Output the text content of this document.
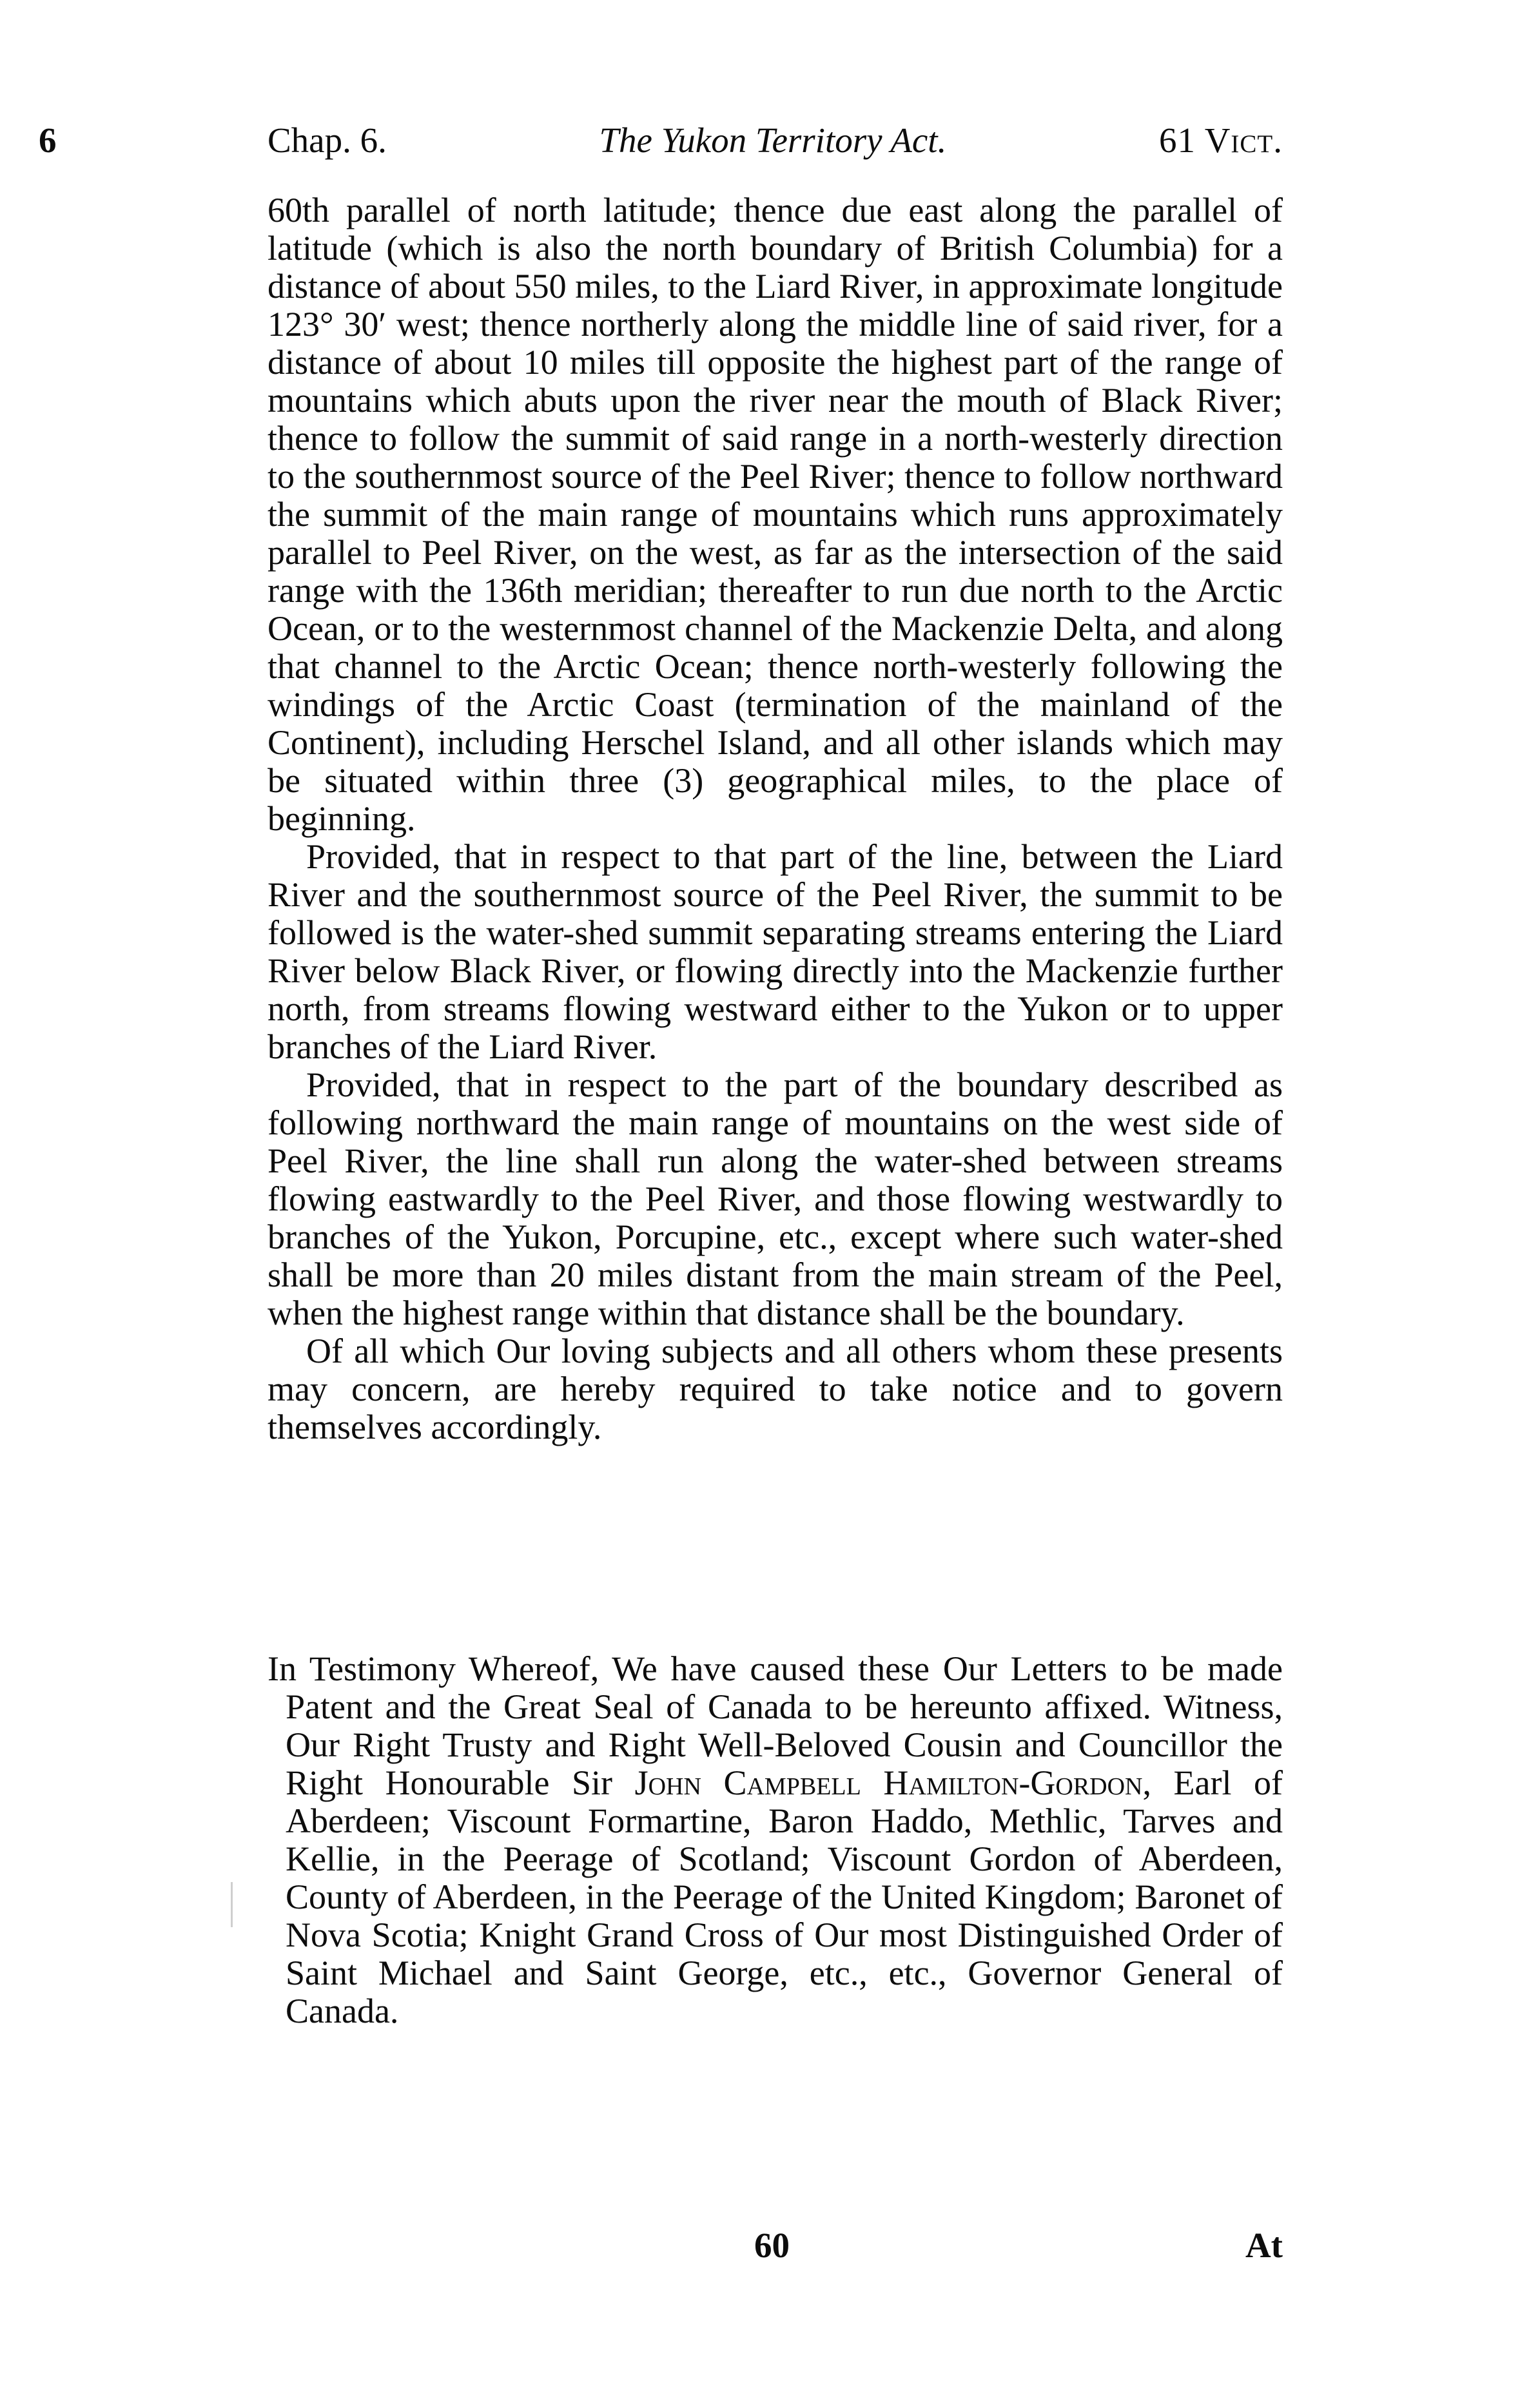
6	Chap. 6.	The Yukon Territory Act.	61 Vict.

60th parallel of north latitude; thence due east along the parallel of latitude (which is also the north boundary of British Columbia) for a distance of about 550 miles, to the Liard River, in approximate longitude 123° 30′ west; thence northerly along the middle line of said river, for a distance of about 10 miles till opposite the highest part of the range of mountains which abuts upon the river near the mouth of Black River; thence to follow the summit of said range in a north-westerly direction to the southernmost source of the Peel River; thence to follow northward the summit of the main range of mountains which runs approximately parallel to Peel River, on the west, as far as the intersection of the said range with the 136th meridian; thereafter to run due north to the Arctic Ocean, or to the westernmost channel of the Mackenzie Delta, and along that channel to the Arctic Ocean; thence north-westerly following the windings of the Arctic Coast (termination of the mainland of the Continent), including Herschel Island, and all other islands which may be situated within three (3) geographical miles, to the place of beginning.

Provided, that in respect to that part of the line, between the Liard River and the southernmost source of the Peel River, the summit to be followed is the water-shed summit separating streams entering the Liard River below Black River, or flowing directly into the Mackenzie further north, from streams flowing westward either to the Yukon or to upper branches of the Liard River.

Provided, that in respect to the part of the boundary described as following northward the main range of mountains on the west side of Peel River, the line shall run along the water-shed between streams flowing eastwardly to the Peel River, and those flowing westwardly to branches of the Yukon, Porcupine, etc., except where such water-shed shall be more than 20 miles distant from the main stream of the Peel, when the highest range within that distance shall be the boundary.

Of all which Our loving subjects and all others whom these presents may concern, are hereby required to take notice and to govern themselves accordingly.

In Testimony Whereof, We have caused these Our Letters to be made Patent and the Great Seal of Canada to be hereunto affixed. Witness, Our Right Trusty and Right Well-Beloved Cousin and Councillor the Right Honourable Sir John Campbell Hamilton-Gordon, Earl of Aberdeen; Viscount Formartine, Baron Haddo, Methlic, Tarves and Kellie, in the Peerage of Scotland; Viscount Gordon of Aberdeen, County of Aberdeen, in the Peerage of the United Kingdom; Baronet of Nova Scotia; Knight Grand Cross of Our most Distinguished Order of Saint Michael and Saint George, etc., etc., Governor General of Canada.

60	At
